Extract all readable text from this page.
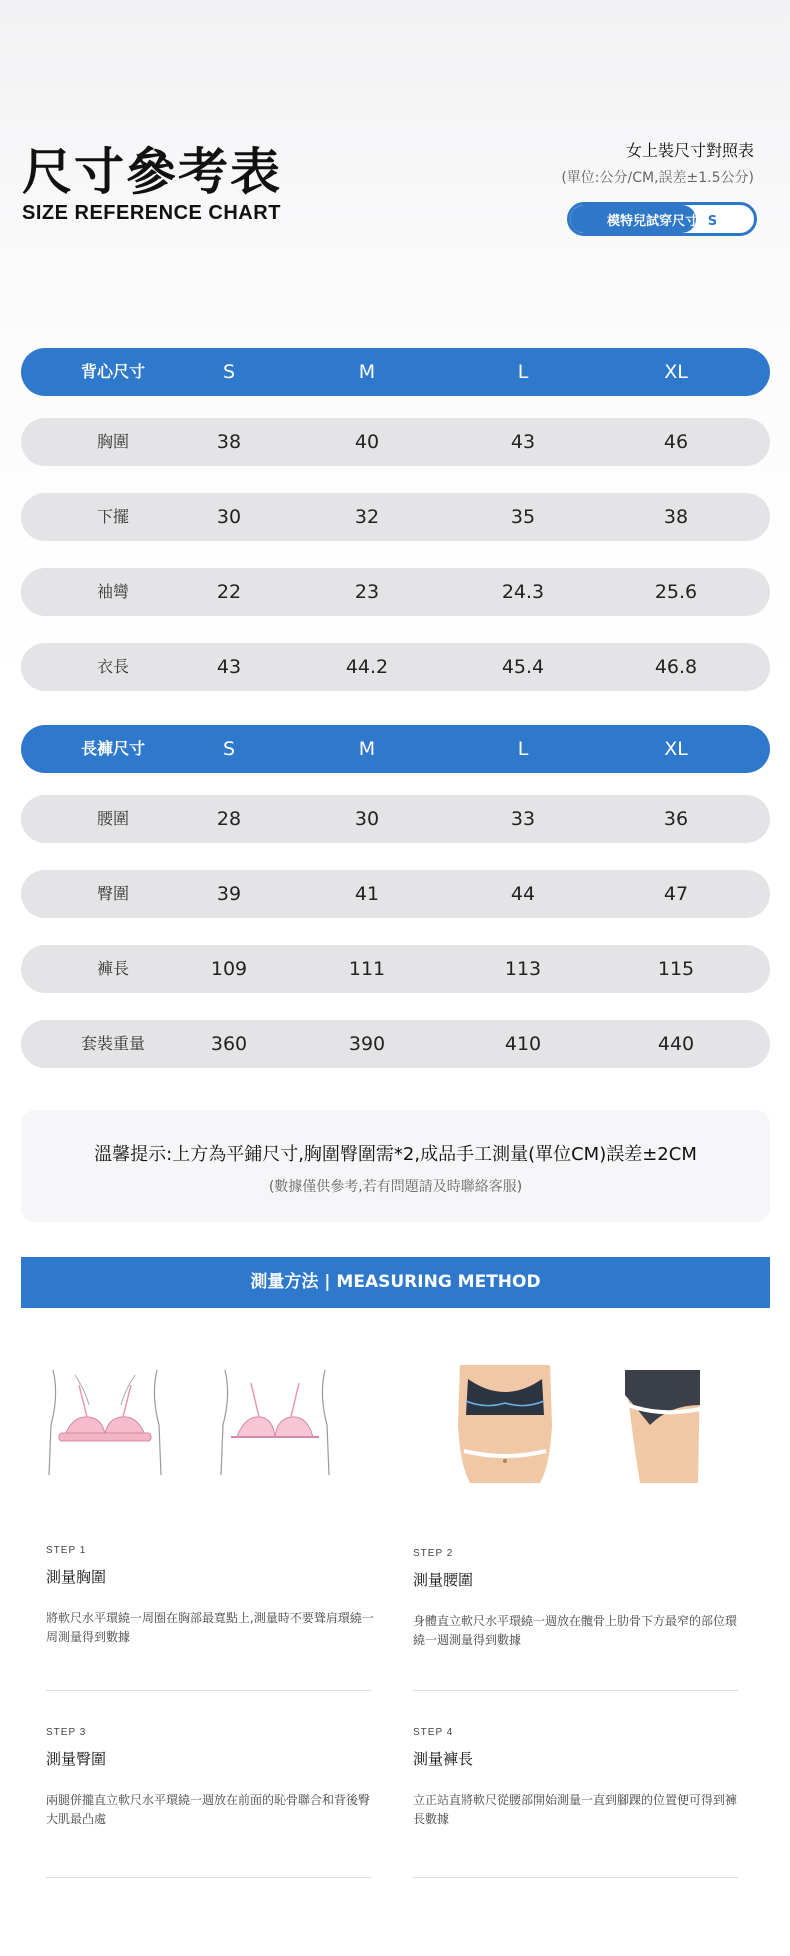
尺寸參考表
SIZE REFERENCE CHART
女上裝尺寸對照表
(單位:公分/CM,誤差±1.5公分)
模特兒試穿尺寸: S
背心尺寸	S	M	L	XL
胸圍	38	40	43	46
下擺	30	32	35	38
袖彎	22	23	24.3	25.6
衣長	43	44.2	45.4	46.8
長褲尺寸	S	M	L	XL
腰圍	28	30	33	36
臀圍	39	41	44	47
褲長	109	111	113	115
套裝重量	360	390	410	440
溫馨提示:上方為平鋪尺寸,胸圍臀圍需*2,成品手工測量(單位CM)誤差±2CM
(數據僅供參考,若有問題請及時聯絡客服)
測量方法 | MEASURING METHOD
STEP 1
測量胸圍
將軟尺水平環繞一周圈在胸部最寬點上,測量時不要聳肩環繞一周測量得到數據
STEP 2
測量腰圍
身體直立軟尺水平環繞一週放在髖骨上肋骨下方最窄的部位環繞一週測量得到數據
STEP 3
測量臀圍
兩腿併攏直立軟尺水平環繞一週放在前面的恥骨聯合和背後臀大肌最凸處
STEP 4
測量褲長
立正站直將軟尺從腰部開始測量一直到腳踝的位置便可得到褲長數據
